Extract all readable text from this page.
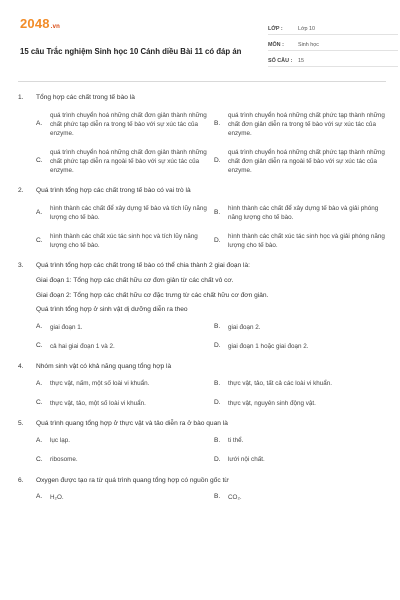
2048.vn
15 câu Trắc nghiệm Sinh học 10 Cánh diều Bài 11 có đáp án
LỚP :	Lớp 10
MÔN :	Sinh học
SỐ CÂU :	15
1.	Tổng hợp các chất trong tế bào là
A.
quá trình chuyển hoá những chất đơn giản thành những chất phức tạp diễn ra trong tế bào với sự xúc tác của enzyme.
B.
quá trình chuyển hoá những chất phức tạp thành những chất đơn giản diễn ra trong tế bào với sự xúc tác của enzyme.
C.
quá trình chuyển hoá những chất đơn giản thành những chất phức tạp diễn ra ngoài tế bào với sự xúc tác của enzyme.
D.
quá trình chuyển hoá những chất phức tạp thành những chất đơn giản diễn ra ngoài tế bào với sự xúc tác của enzyme.
2.	Quá trình tổng hợp các chất trong tế bào có vai trò là
A.
hình thành các chất để xây dựng tế bào và tích lũy năng lượng cho tế bào.
B.
hình thành các chất để xây dựng tế bào và giải phóng năng lượng cho tế bào.
C.
hình thành các chất xúc tác sinh học và tích lũy năng lượng cho tế bào.
D.
hình thành các chất xúc tác sinh học và giải phóng năng lượng cho tế bào.
3.	Quá trình tổng hợp các chất trong tế bào có thể chia thành 2 giai đoạn là:
Giai đoạn 1: Tổng hợp các chất hữu cơ đơn giản từ các chất vô cơ.
Giai đoạn 2: Tổng hợp các chất hữu cơ đặc trưng từ các chất hữu cơ đơn giản.
Quá trình tổng hợp ở sinh vật dị dưỡng diễn ra theo
A.	giai đoạn 1.	B.	giai đoạn 2.
C.	cả hai giai đoạn 1 và 2.	D.	giai đoạn 1 hoặc giai đoạn 2.
4.	Nhóm sinh vật có khả năng quang tổng hợp là
A.	thực vật, nấm, một số loài vi khuẩn.	B.	thực vật, tảo, tất cả các loài vi khuẩn.
C.	thực vật, tảo, một số loài vi khuẩn.	D.	thực vật, nguyên sinh động vật.
5.	Quá trình quang tổng hợp ở thực vật và tảo diễn ra ở bào quan là
A.	lục lạp.	B.	ti thể.
C.	ribosome.	D.	lưới nội chất.
6.	Oxygen được tạo ra từ quá trình quang tổng hợp có nguồn gốc từ
A.	H₂O.	B.	CO₂.
